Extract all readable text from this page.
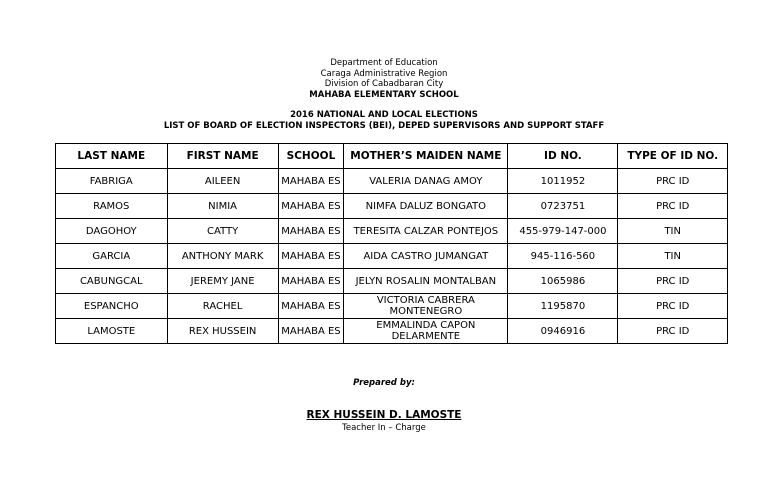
Department of Education
Caraga Administrative Region
Division of Cabadbaran City
MAHABA ELEMENTARY SCHOOL
2016 NATIONAL AND LOCAL ELECTIONS
LIST OF BOARD OF ELECTION INSPECTORS (BEI), DEPED SUPERVISORS AND SUPPORT STAFF
LAST NAME	FIRST NAME	SCHOOL	MOTHER’S MAIDEN NAME	ID NO.	TYPE OF ID NO.
FABRIGA	AILEEN	MAHABA ES	VALERIA DANAG AMOY	1011952	PRC ID
RAMOS	NIMIA	MAHABA ES	NIMFA DALUZ BONGATO	0723751	PRC ID
DAGOHOY	CATTY	MAHABA ES	TERESITA CALZAR PONTEJOS	455-979-147-000	TIN
GARCIA	ANTHONY MARK	MAHABA ES	AIDA CASTRO JUMANGAT	945-116-560	TIN
CABUNGCAL	JEREMY JANE	MAHABA ES	JELYN ROSALIN MONTALBAN	1065986	PRC ID
ESPANCHO	RACHEL	MAHABA ES	VICTORIA CABRERA MONTENEGRO	1195870	PRC ID
LAMOSTE	REX HUSSEIN	MAHABA ES	EMMALINDA CAPON DELARMENTE	0946916	PRC ID
Prepared by:
REX HUSSEIN D. LAMOSTE
Teacher In – Charge
